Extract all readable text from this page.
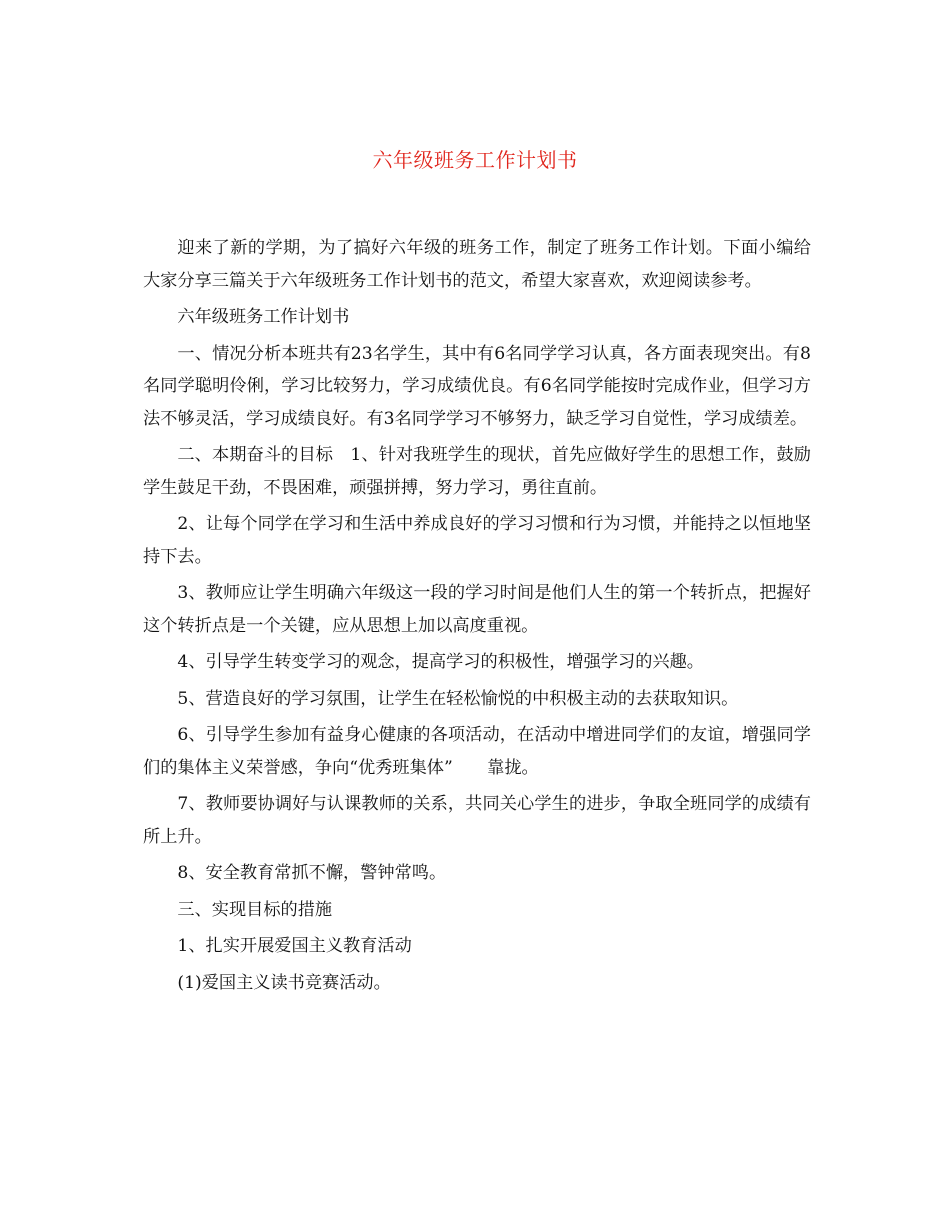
六年级班务工作计划书

迎来了新的学期，为了搞好六年级的班务工作，制定了班务工作计划。下面小编给大家分享三篇关于六年级班务工作计划书的范文，希望大家喜欢，欢迎阅读参考。

六年级班务工作计划书

一、情况分析本班共有23名学生，其中有6名同学学习认真，各方面表现突出。有8名同学聪明伶俐，学习比较努力，学习成绩优良。有6名同学能按时完成作业，但学习方法不够灵活，学习成绩良好。有3名同学学习不够努力，缺乏学习自觉性，学习成绩差。

二、本期奋斗的目标　1、针对我班学生的现状，首先应做好学生的思想工作，鼓励学生鼓足干劲，不畏困难，顽强拼搏，努力学习，勇往直前。

2、让每个同学在学习和生活中养成良好的学习习惯和行为习惯，并能持之以恒地坚持下去。

3、教师应让学生明确六年级这一段的学习时间是他们人生的第一个转折点，把握好这个转折点是一个关键，应从思想上加以高度重视。

4、引导学生转变学习的观念，提高学习的积极性，增强学习的兴趣。

5、营造良好的学习氛围，让学生在轻松愉悦的中积极主动的去获取知识。

6、引导学生参加有益身心健康的各项活动，在活动中增进同学们的友谊，增强同学们的集体主义荣誉感，争向“优秀班集体”　　靠拢。

7、教师要协调好与认课教师的关系，共同关心学生的进步，争取全班同学的成绩有所上升。

8、安全教育常抓不懈，警钟常鸣。

三、实现目标的措施

1、扎实开展爱国主义教育活动

(1)爱国主义读书竞赛活动。
